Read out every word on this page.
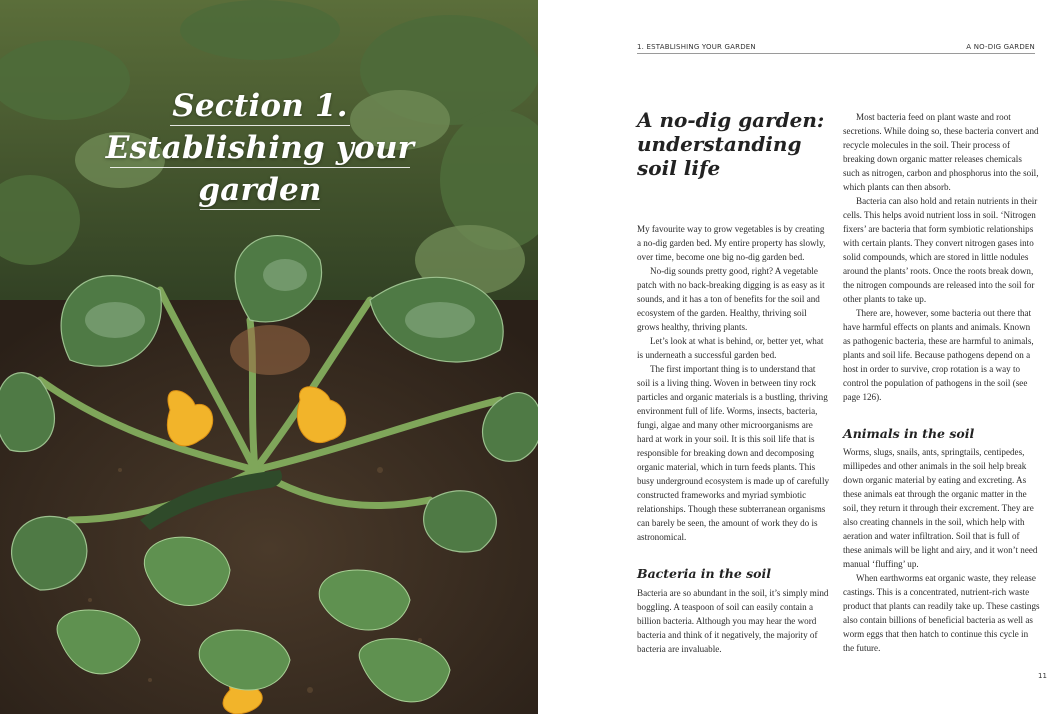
Section 1.
Establishing your
garden
1. ESTABLISHING YOUR GARDEN	A NO-DIG GARDEN
A no-dig garden: understanding soil life

My favourite way to grow vegetables is by creating a no-dig garden bed. My entire property has slowly, over time, become one big no-dig garden bed.

No-dig sounds pretty good, right? A vegetable patch with no back-breaking digging is as easy as it sounds, and it has a ton of benefits for the soil and ecosystem of the garden. Healthy, thriving soil grows healthy, thriving plants.

Let’s look at what is behind, or, better yet, what is underneath a successful garden bed.

The first important thing is to understand that soil is a living thing. Woven in between tiny rock particles and organic materials is a bustling, thriving environment full of life. Worms, insects, bacteria, fungi, algae and many other microorganisms are hard at work in your soil. It is this soil life that is responsible for breaking down and decomposing organic material, which in turn feeds plants. This busy underground ecosystem is made up of carefully constructed frameworks and myriad symbiotic relationships. Though these subterranean organisms can barely be seen, the amount of work they do is astronomical.

Bacteria in the soil

Bacteria are so abundant in the soil, it’s simply mind boggling. A teaspoon of soil can easily contain a billion bacteria. Although you may hear the word bacteria and think of it negatively, the majority of bacteria are invaluable.

Most bacteria feed on plant waste and root secretions. While doing so, these bacteria convert and recycle molecules in the soil. Their process of breaking down organic matter releases chemicals such as nitrogen, carbon and phosphorus into the soil, which plants can then absorb.

Bacteria can also hold and retain nutrients in their cells. This helps avoid nutrient loss in soil. ‘Nitrogen fixers’ are bacteria that form symbiotic relationships with certain plants. They convert nitrogen gases into solid compounds, which are stored in little nodules around the plants’ roots. Once the roots break down, the nitrogen compounds are released into the soil for other plants to take up.

There are, however, some bacteria out there that have harmful effects on plants and animals. Known as pathogenic bacteria, these are harmful to animals, plants and soil life. Because pathogens depend on a host in order to survive, crop rotation is a way to control the population of pathogens in the soil (see page 126).

Animals in the soil

Worms, slugs, snails, ants, springtails, centipedes, millipedes and other animals in the soil help break down organic material by eating and excreting. As these animals eat through the organic matter in the soil, they return it through their excrement. They are also creating channels in the soil, which help with aeration and water infiltration. Soil that is full of these animals will be light and airy, and it won’t need manual ‘fluffing’ up.

When earthworms eat organic waste, they release castings. This is a concentrated, nutrient-rich waste product that plants can readily take up. These castings also contain billions of beneficial bacteria as well as worm eggs that then hatch to continue this cycle in the future.

11
